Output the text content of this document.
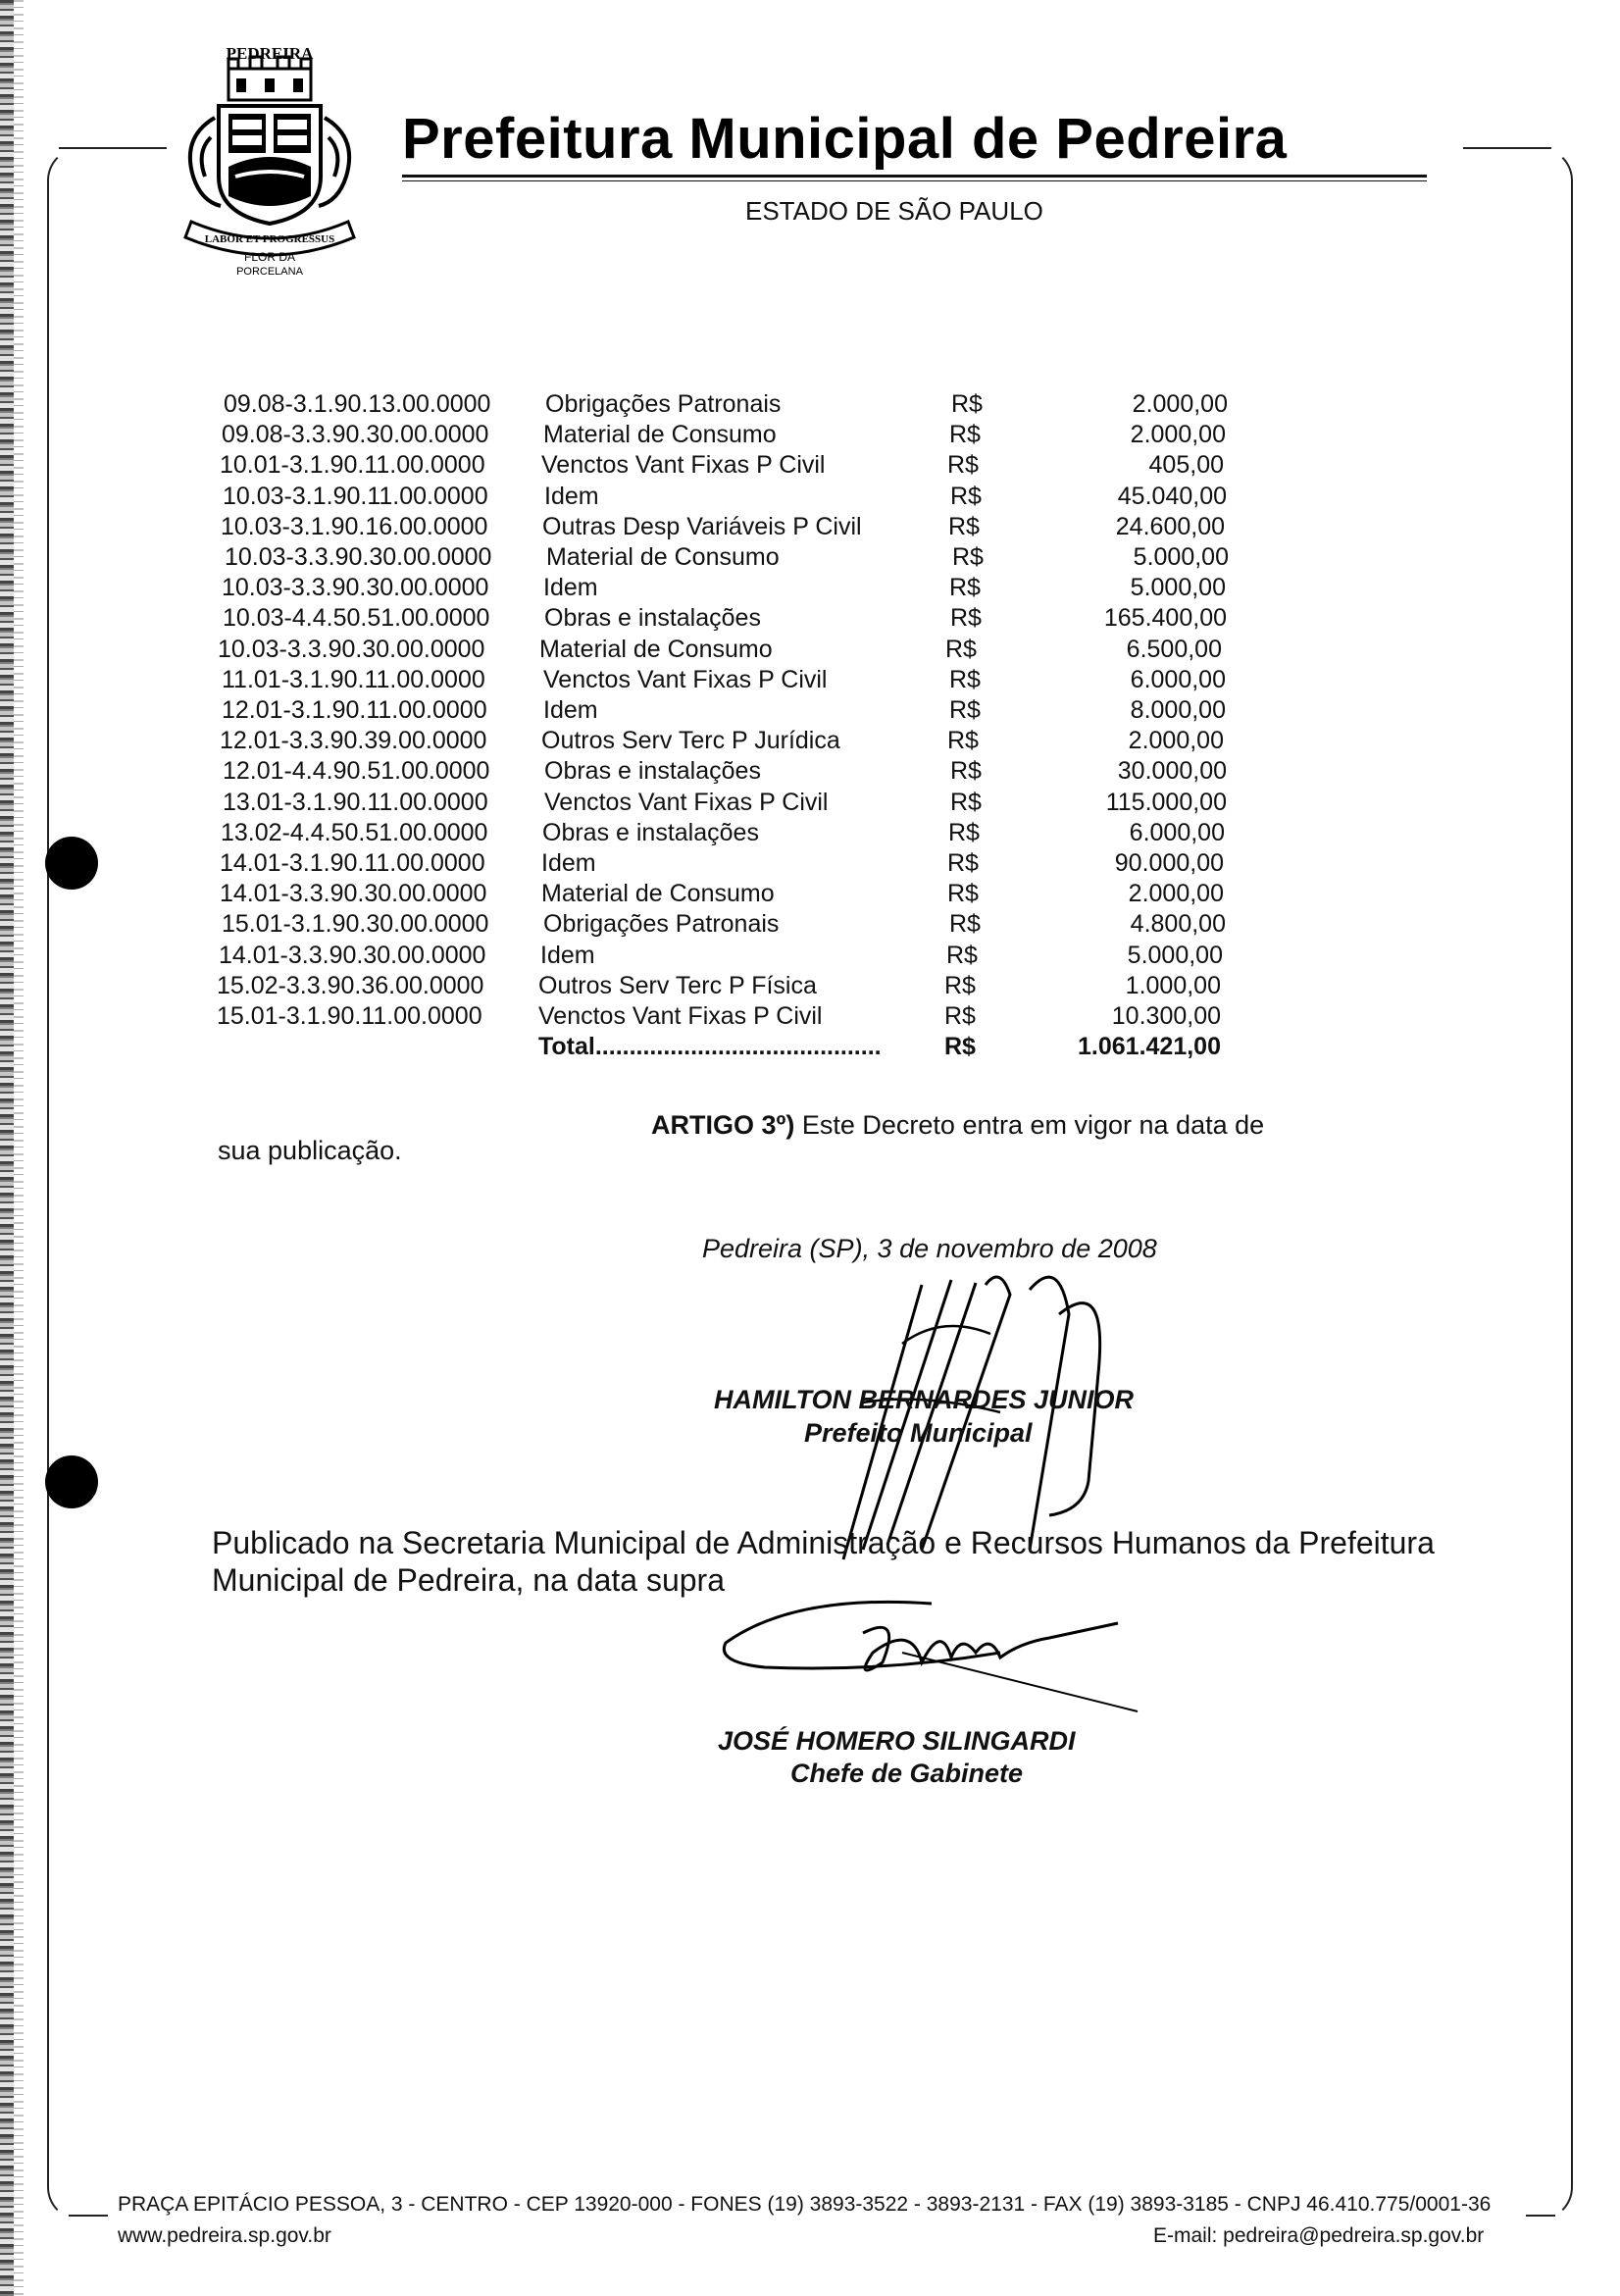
PEDREIRA
LABOR ET PROGRESSUS
FLOR DA
PORCELANA
Prefeitura Municipal de Pedreira
ESTADO DE SÃO PAULO
09.08-3.1.90.13.00.0000	Obrigações Patronais	R$	2.000,00
09.08-3.3.90.30.00.0000	Material de Consumo	R$	2.000,00
10.01-3.1.90.11.00.0000	Venctos Vant Fixas P Civil	R$	405,00
10.03-3.1.90.11.00.0000	Idem	R$	45.040,00
10.03-3.1.90.16.00.0000	Outras Desp Variáveis P Civil	R$	24.600,00
10.03-3.3.90.30.00.0000	Material de Consumo	R$	5.000,00
10.03-3.3.90.30.00.0000	Idem	R$	5.000,00
10.03-4.4.50.51.00.0000	Obras e instalações	R$	165.400,00
10.03-3.3.90.30.00.0000	Material de Consumo	R$	6.500,00
11.01-3.1.90.11.00.0000	Venctos Vant Fixas P Civil	R$	6.000,00
12.01-3.1.90.11.00.0000	Idem	R$	8.000,00
12.01-3.3.90.39.00.0000	Outros Serv Terc P Jurídica	R$	2.000,00
12.01-4.4.90.51.00.0000	Obras e instalações	R$	30.000,00
13.01-3.1.90.11.00.0000	Venctos Vant Fixas P Civil	R$	115.000,00
13.02-4.4.50.51.00.0000	Obras e instalações	R$	6.000,00
14.01-3.1.90.11.00.0000	Idem	R$	90.000,00
14.01-3.3.90.30.00.0000	Material de Consumo	R$	2.000,00
15.01-3.1.90.30.00.0000	Obrigações Patronais	R$	4.800,00
14.01-3.3.90.30.00.0000	Idem	R$	5.000,00
15.02-3.3.90.36.00.0000	Outros Serv Terc P Física	R$	1.000,00
15.01-3.1.90.11.00.0000	Venctos Vant Fixas P Civil	R$	10.300,00
Total..........................................	R$	1.061.421,00
ARTIGO 3º) Este Decreto entra em vigor na data de
sua publicação.
Pedreira (SP), 3 de novembro de 2008
HAMILTON BERNARDES JUNIOR
Prefeito Municipal
Publicado na Secretaria Municipal de Administração e Recursos Humanos da Prefeitura Municipal de Pedreira, na data supra
JOSÉ HOMERO SILINGARDI
Chefe de Gabinete
PRAÇA EPITÁCIO PESSOA, 3 - CENTRO - CEP 13920-000 - FONES (19) 3893-3522 - 3893-2131 - FAX (19) 3893-3185 - CNPJ 46.410.775/0001-36
www.pedreira.sp.gov.br	E-mail: pedreira@pedreira.sp.gov.br
